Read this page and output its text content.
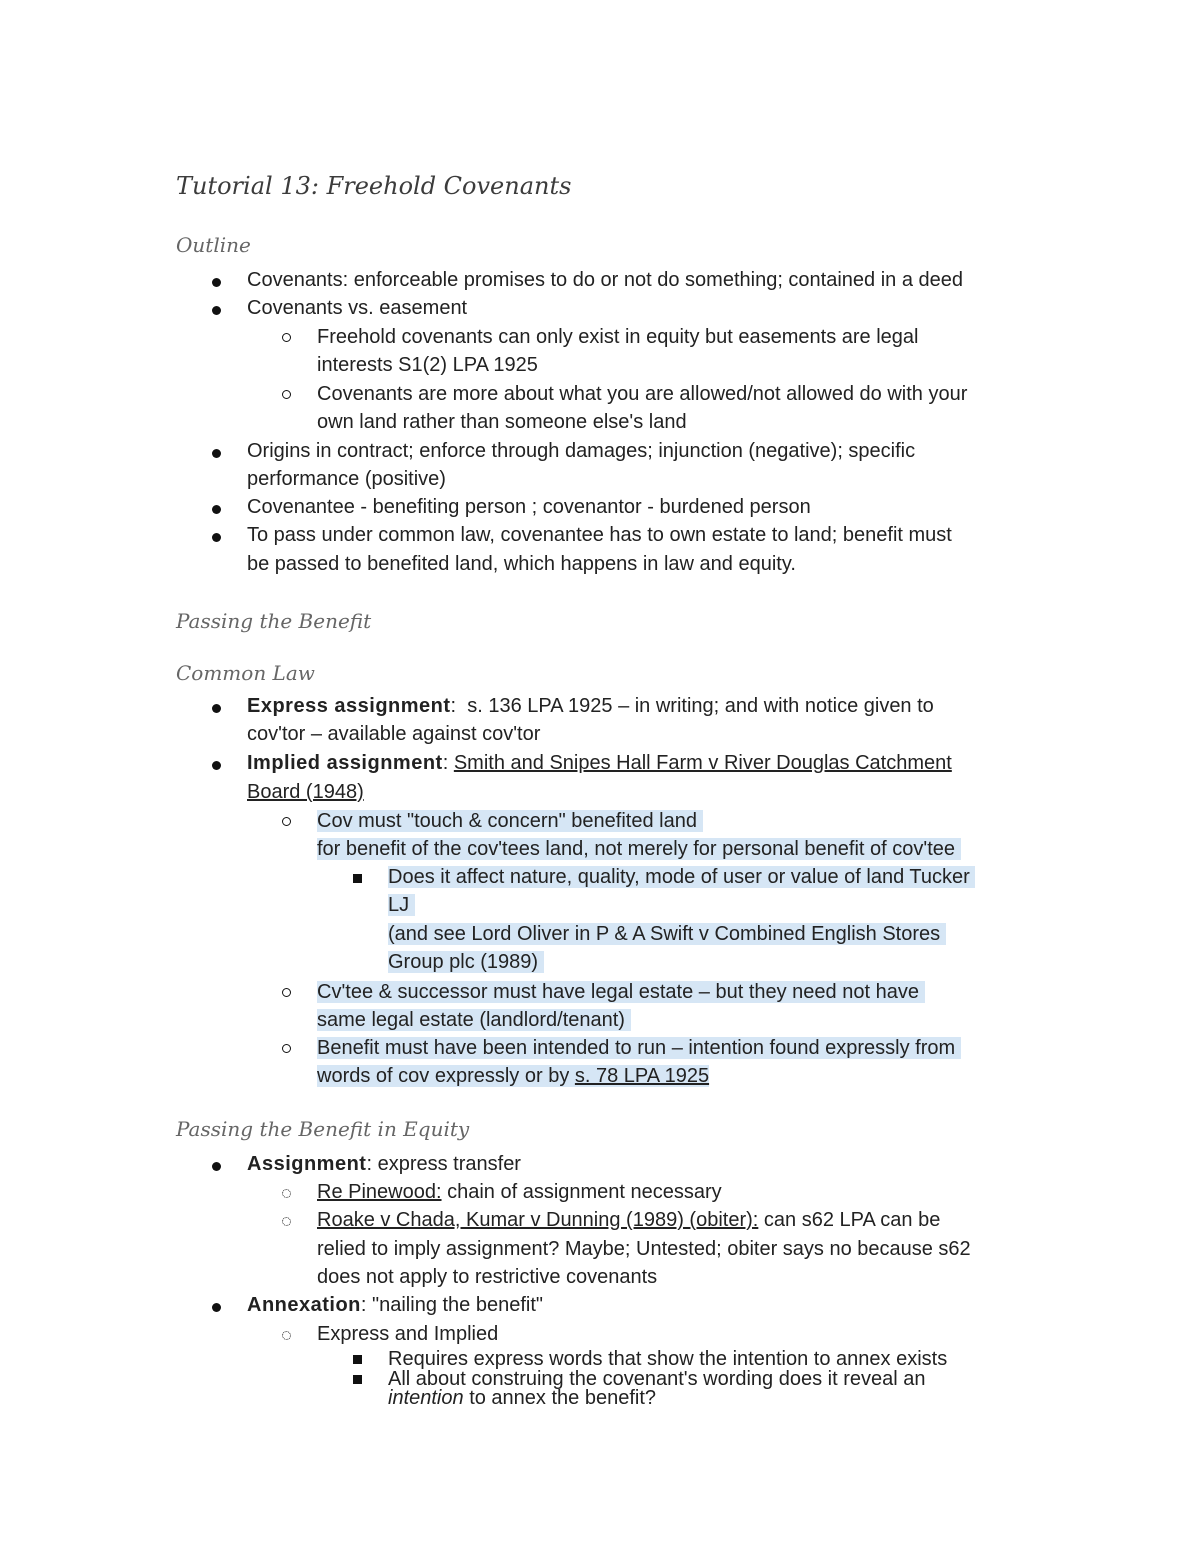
Tutorial 13: Freehold Covenants
Outline
Covenants: enforceable promises to do or not do something; contained in a deed
Covenants vs. easement
Freehold covenants can only exist in equity but easements are legal
interests S1(2) LPA 1925
Covenants are more about what you are allowed/not allowed do with your
own land rather than someone else's land
Origins in contract; enforce through damages; injunction (negative); specific
performance (positive)
Covenantee - benefiting person ; covenantor - burdened person
To pass under common law, covenantee has to own estate to land; benefit must
be passed to benefited land, which happens in law and equity.
Passing the Benefit
Common Law
Express assignment:  s. 136 LPA 1925 – in writing; and with notice given to
cov'tor – available against cov'tor
Implied assignment: Smith and Snipes Hall Farm v River Douglas Catchment
Board (1948)
Cov must "touch & concern" benefited land
for benefit of the cov'tees land, not merely for personal benefit of cov'tee
Does it affect nature, quality, mode of user or value of land Tucker
LJ
(and see Lord Oliver in P & A Swift v Combined English Stores
Group plc (1989)
Cv'tee & successor must have legal estate – but they need not have
same legal estate (landlord/tenant)
Benefit must have been intended to run – intention found expressly from
words of cov expressly or by s. 78 LPA 1925
Passing the Benefit in Equity
Assignment: express transfer
Re Pinewood: chain of assignment necessary
Roake v Chada, Kumar v Dunning (1989) (obiter): can s62 LPA can be
relied to imply assignment? Maybe; Untested; obiter says no because s62
does not apply to restrictive covenants
Annexation: "nailing the benefit"
Express and Implied
Requires express words that show the intention to annex exists
All about construing the covenant's wording does it reveal an
intention to annex the benefit?
